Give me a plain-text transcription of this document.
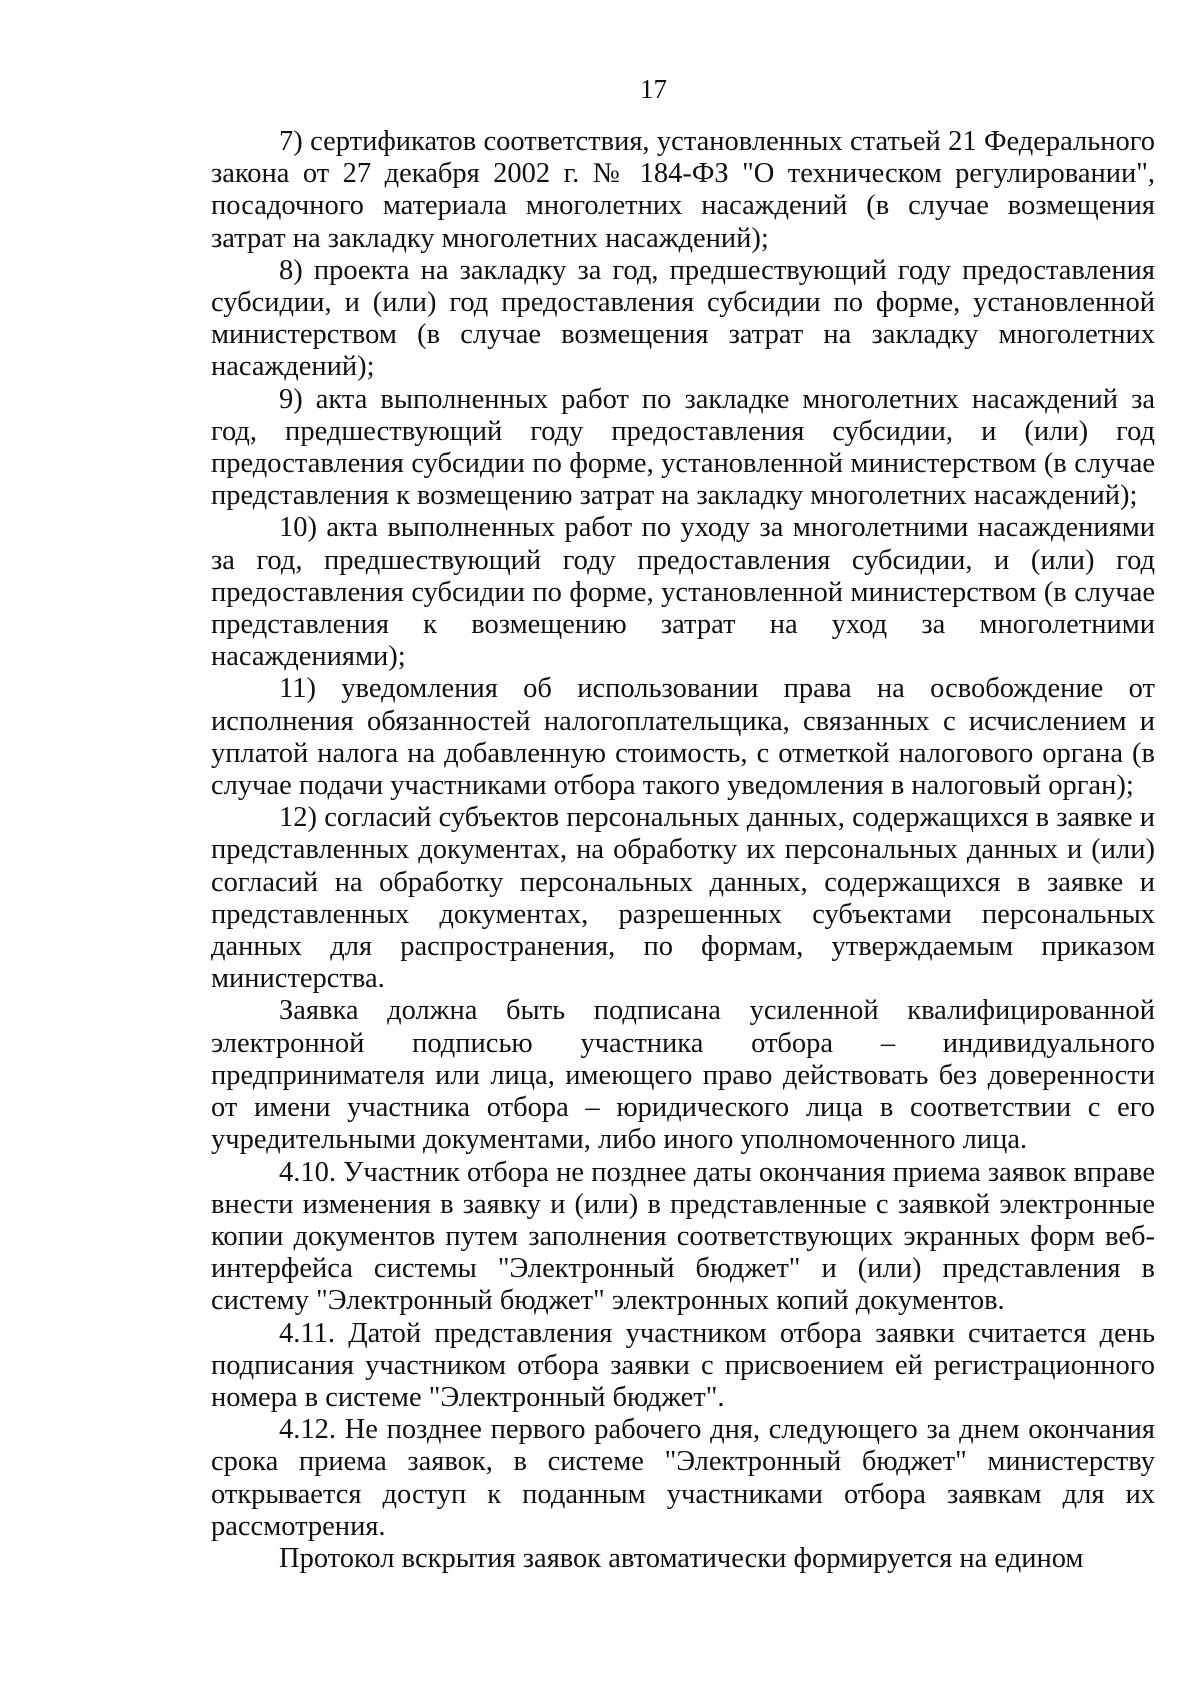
17

7) сертификатов соответствия, установленных статьей 21 Федерального закона от 27 декабря 2002 г. № 184-ФЗ "О техническом регулировании", посадочного материала многолетних насаждений (в случае возмещения затрат на закладку многолетних насаждений);

8) проекта на закладку за год, предшествующий году предоставления субсидии, и (или) год предоставления субсидии по форме, установленной министерством (в случае возмещения затрат на закладку многолетних насаждений);

9) акта выполненных работ по закладке многолетних насаждений за год, предшествующий году предоставления субсидии, и (или) год предоставления субсидии по форме, установленной министерством (в случае представления к возмещению затрат на закладку многолетних насаждений);

10) акта выполненных работ по уходу за многолетними насаждениями за год, предшествующий году предоставления субсидии, и (или) год предоставления субсидии по форме, установленной министерством (в случае представления к возмещению затрат на уход за многолетними насаждениями);

11) уведомления об использовании права на освобождение от исполнения обязанностей налогоплательщика, связанных с исчислением и уплатой налога на добавленную стоимость, с отметкой налогового органа (в случае подачи участниками отбора такого уведомления в налоговый орган);

12) согласий субъектов персональных данных, содержащихся в заявке и представленных документах, на обработку их персональных данных и (или) согласий на обработку персональных данных, содержащихся в заявке и представленных документах, разрешенных субъектами персональных данных для распространения, по формам, утверждаемым приказом министерства.

Заявка должна быть подписана усиленной квалифицированной электронной подписью участника отбора – индивидуального предпринимателя или лица, имеющего право действовать без доверенности от имени участника отбора – юридического лица в соответствии с его учредительными документами, либо иного уполномоченного лица.

4.10. Участник отбора не позднее даты окончания приема заявок вправе внести изменения в заявку и (или) в представленные с заявкой электронные копии документов путем заполнения соответствующих экранных форм веб-интерфейса системы "Электронный бюджет" и (или) представления в систему "Электронный бюджет" электронных копий документов.

4.11. Датой представления участником отбора заявки считается день подписания участником отбора заявки с присвоением ей регистрационного номера в системе "Электронный бюджет".

4.12. Не позднее первого рабочего дня, следующего за днем окончания срока приема заявок, в системе "Электронный бюджет" министерству открывается доступ к поданным участниками отбора заявкам для их рассмотрения.

Протокол вскрытия заявок автоматически формируется на едином
